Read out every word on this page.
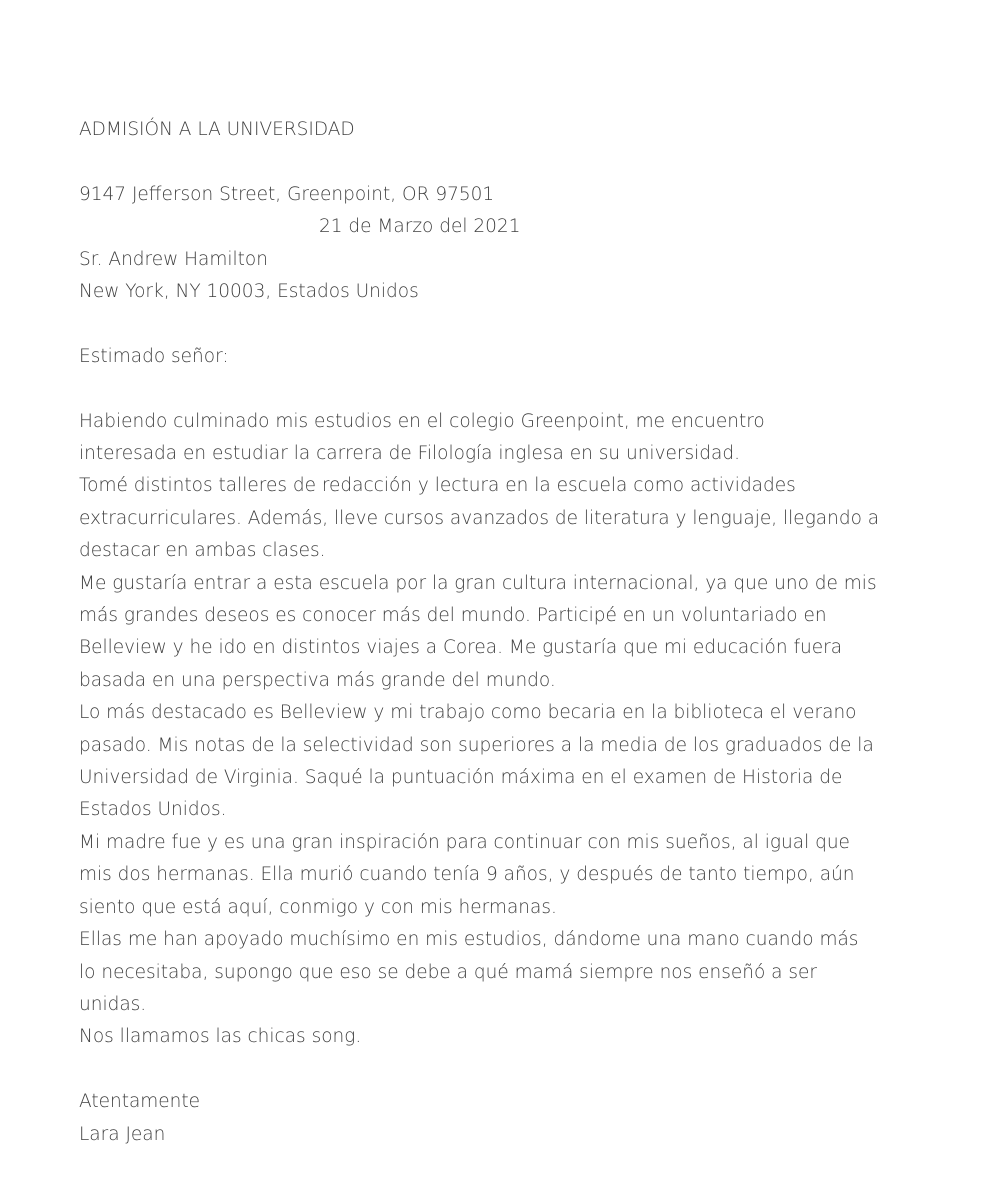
ADMISIÓN A LA UNIVERSIDAD

9147 Jefferson Street, Greenpoint, OR 97501

21 de Marzo del 2021

Sr. Andrew Hamilton

New York, NY 10003, Estados Unidos

Estimado señor:

Habiendo culminado mis estudios en el colegio Greenpoint, me encuentro

interesada en estudiar la carrera de Filología inglesa en su universidad.

Tomé distintos talleres de redacción y lectura en la escuela como actividades

extracurriculares. Además, lleve cursos avanzados de literatura y lenguaje, llegando a

destacar en ambas clases.

Me gustaría entrar a esta escuela por la gran cultura internacional, ya que uno de mis

más grandes deseos es conocer más del mundo. Participé en un voluntariado en

Belleview y he ido en distintos viajes a Corea. Me gustaría que mi educación fuera

basada en una perspectiva más grande del mundo.

Lo más destacado es Belleview y mi trabajo como becaria en la biblioteca el verano

pasado. Mis notas de la selectividad son superiores a la media de los graduados de la

Universidad de Virginia. Saqué la puntuación máxima en el examen de Historia de

Estados Unidos.

Mi madre fue y es una gran inspiración para continuar con mis sueños, al igual que

mis dos hermanas. Ella murió cuando tenía 9 años, y después de tanto tiempo, aún

siento que está aquí, conmigo y con mis hermanas.

Ellas me han apoyado muchísimo en mis estudios, dándome una mano cuando más

lo necesitaba, supongo que eso se debe a qué mamá siempre nos enseñó a ser

unidas.

Nos llamamos las chicas song.

Atentamente

Lara Jean
